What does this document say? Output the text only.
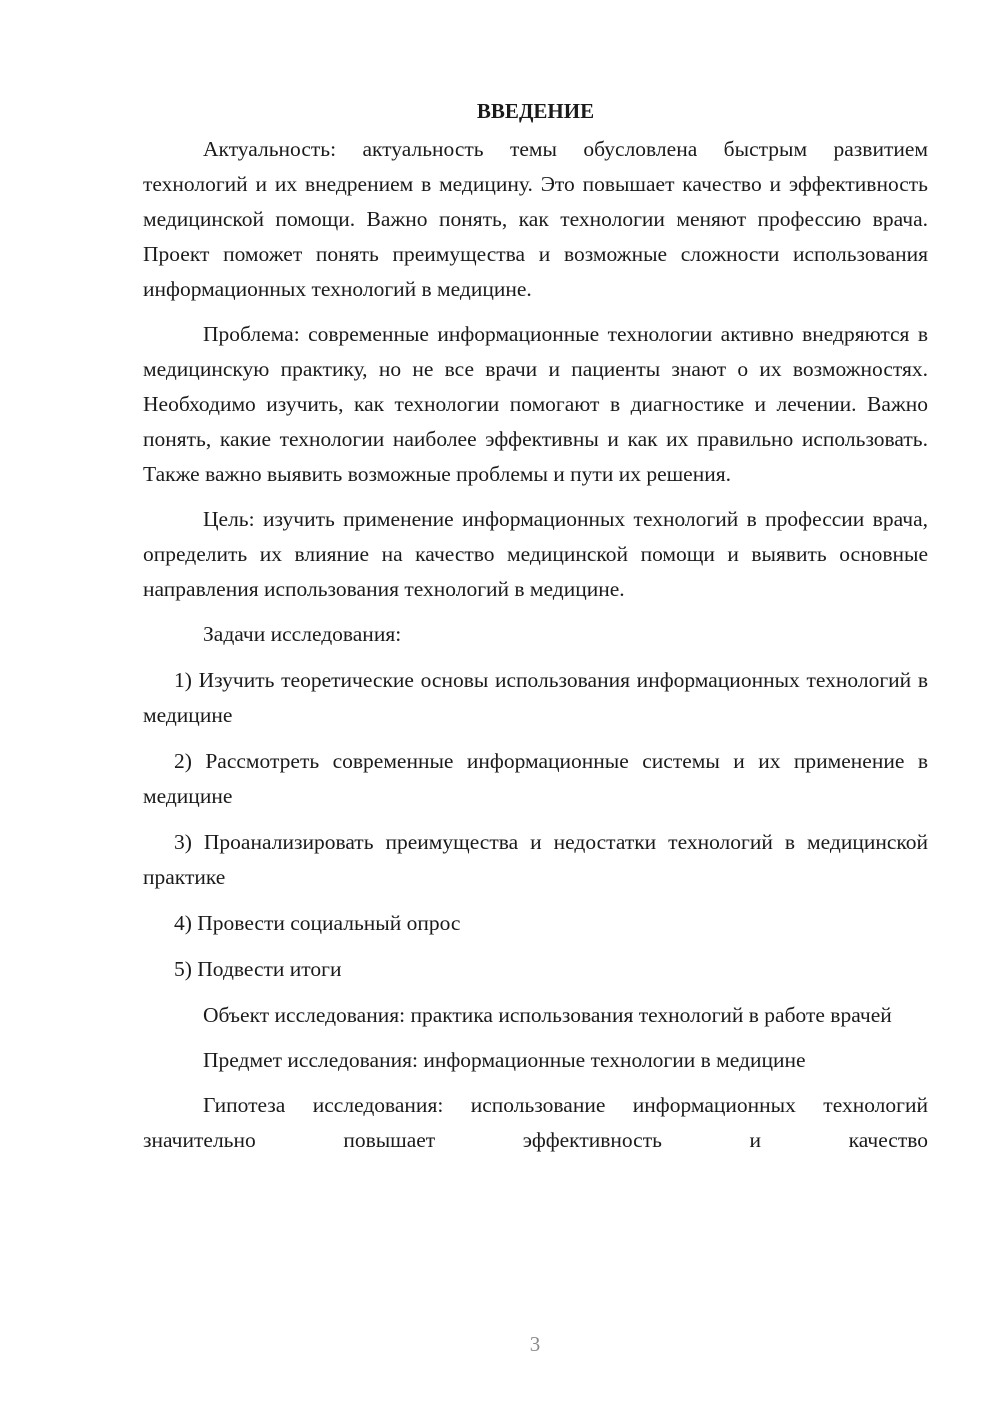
ВВЕДЕНИЕ

Актуальность: актуальность темы обусловлена быстрым развитием технологий и их внедрением в медицину. Это повышает качество и эффективность медицинской помощи. Важно понять, как технологии меняют профессию врача. Проект поможет понять преимущества и возможные сложности использования информационных технологий в медицине.

Проблема: современные информационные технологии активно внедряются в медицинскую практику, но не все врачи и пациенты знают о их возможностях. Необходимо изучить, как технологии помогают в диагностике и лечении. Важно понять, какие технологии наиболее эффективны и как их правильно использовать. Также важно выявить возможные проблемы и пути их решения.

Цель: изучить применение информационных технологий в профессии врача, определить их влияние на качество медицинской помощи и выявить основные направления использования технологий в медицине.

Задачи исследования:

1) Изучить теоретические основы использования информационных технологий в медицине

2) Рассмотреть современные информационные системы и их применение в медицине

3) Проанализировать преимущества и недостатки технологий в медицинской практике

4) Провести социальный опрос

5) Подвести итоги

Объект исследования: практика использования технологий в работе врачей

Предмет исследования: информационные технологии в медицине

Гипотеза исследования: использование информационных технологий значительно повышает эффективность и качество

3
